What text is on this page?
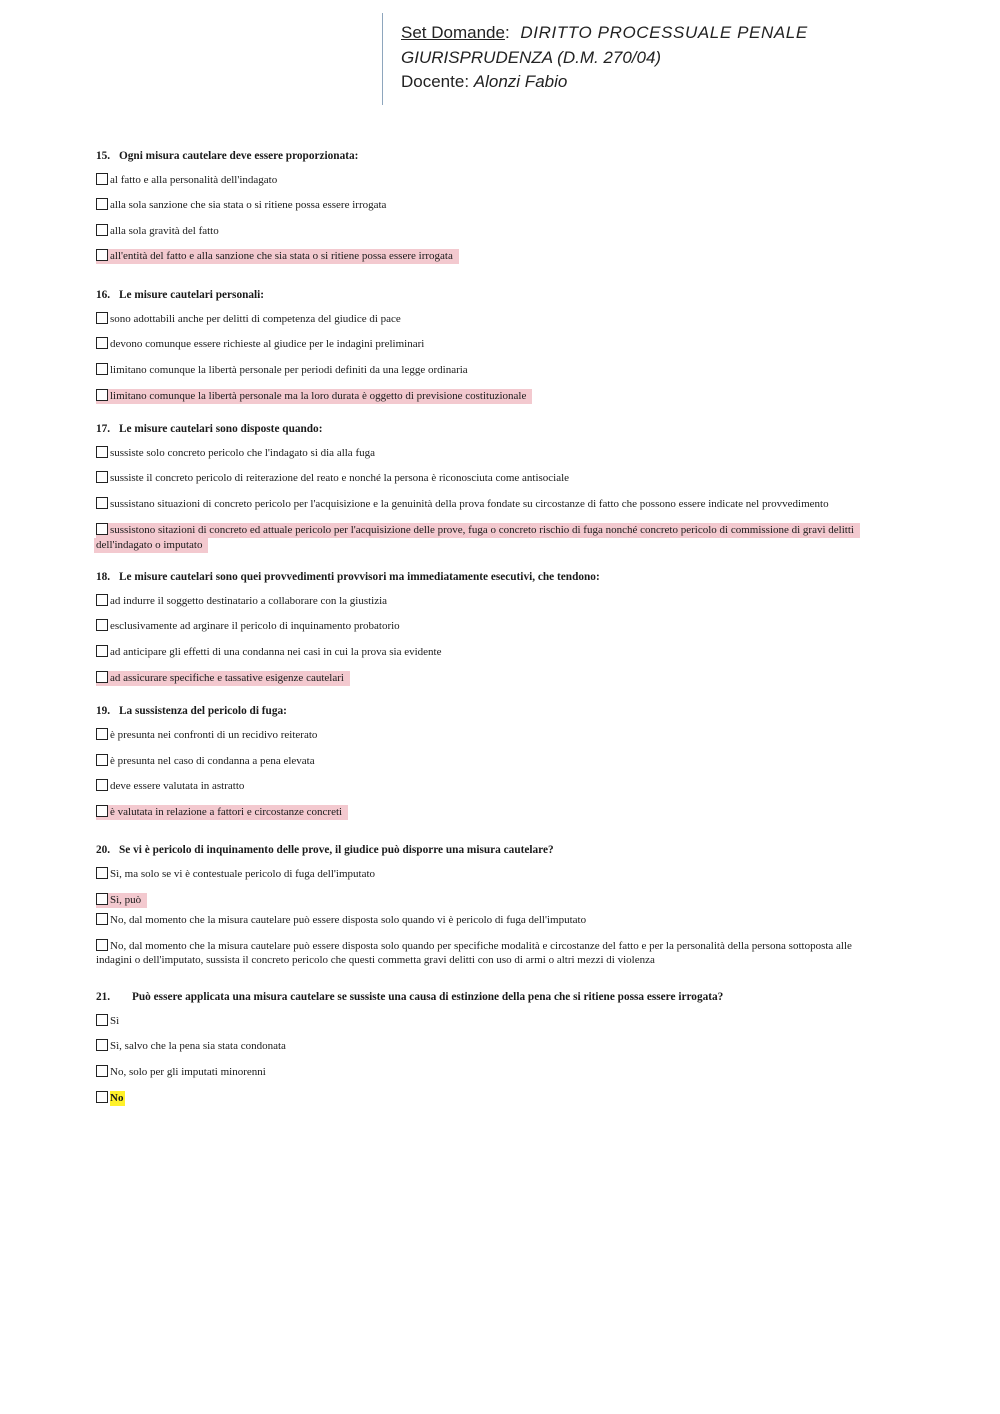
Set Domande: DIRITTO PROCESSUALE PENALE
GIURISPRUDENZA (D.M. 270/04)
Docente: Alonzi Fabio

15. Ogni misura cautelare deve essere proporzionata:

al fatto e alla personalità dell'indagato
alla sola sanzione che sia stata o si ritiene possa essere irrogata
alla sola gravità del fatto
all'entità del fatto e alla sanzione che sia stata o si ritiene possa essere irrogata

16. Le misure cautelari personali:

sono adottabili anche per delitti di competenza del giudice di pace
devono comunque essere richieste al giudice per le indagini preliminari
limitano comunque la libertà personale per periodi definiti da una legge ordinaria
limitano comunque la libertà personale ma la loro durata è oggetto di previsione costituzionale

17. Le misure cautelari sono disposte quando:

sussiste solo concreto pericolo che l'indagato si dia alla fuga
sussiste il concreto pericolo di reiterazione del reato e nonché la persona è riconosciuta come antisociale
sussistano situazioni di concreto pericolo per l'acquisizione e la genuinità della prova fondate su circostanze di fatto che possono essere indicate nel provvedimento
sussistono sitazioni di concreto ed attuale pericolo per l'acquisizione delle prove, fuga o concreto rischio di fuga nonché concreto pericolo di commissione di gravi delitti
dell'indagato o imputato

18. Le misure cautelari sono quei provvedimenti provvisori ma immediatamente esecutivi, che tendono:

ad indurre il soggetto destinatario a collaborare con la giustizia
esclusivamente ad arginare il pericolo di inquinamento probatorio
ad anticipare gli effetti di una condanna nei casi in cui la prova sia evidente
ad assicurare specifiche e tassative esigenze cautelari

19. La sussistenza del pericolo di fuga:

è presunta nei confronti di un recidivo reiterato
è presunta nel caso di condanna a pena elevata
deve essere valutata in astratto
è valutata in relazione a fattori e circostanze concreti

20. Se vi è pericolo di inquinamento delle prove, il giudice può disporre una misura cautelare?

Sì, ma solo se vi è contestuale pericolo di fuga dell'imputato
Sì, può
No, dal momento che la misura cautelare può essere disposta solo quando vi è pericolo di fuga dell'imputato
No, dal momento che la misura cautelare può essere disposta solo quando per specifiche modalità e circostanze del fatto e per la personalità della persona sottoposta alle
indagini o dell'imputato, sussista il concreto pericolo che questi commetta gravi delitti con uso di armi o altri mezzi di violenza

21. Può essere applicata una misura cautelare se sussiste una causa di estinzione della pena che si ritiene possa essere irrogata?

Sì
Sì, salvo che la pena sia stata condonata
No, solo per gli imputati minorenni
No
